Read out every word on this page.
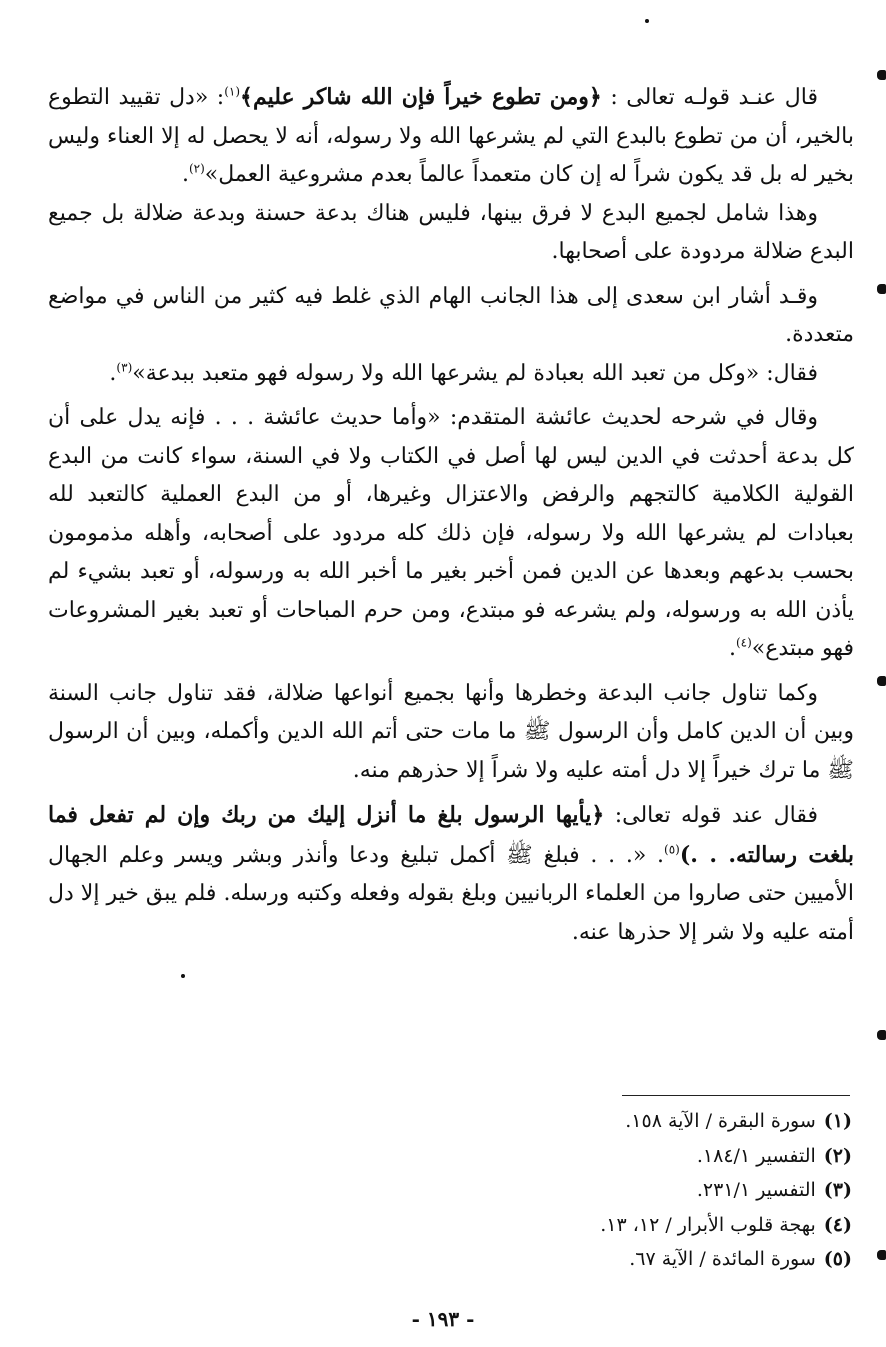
قال عنـد قولـه تعالى : ﴿ومن تطوع خيراً فإن الله شاكر عليم﴾$^{(١)}$: «دل تقييد التطوع بالخير، أن من تطوع بالبدع التي لم يشرعها الله ولا رسوله، أنه لا يحصل له إلا العناء وليس بخير له بل قد يكون شراً له إن كان متعمداً عالماً بعدم مشروعية العمل»$^{(٢)}$.

وهذا شامل لجميع البدع لا فرق بينها، فليس هناك بدعة حسنة وبدعة ضلالة بل جميع البدع ضلالة مردودة على أصحابها.

وقـد أشار ابن سعدى إلى هذا الجانب الهام الذي غلط فيه كثير من الناس في مواضع متعددة.

فقال: «وكل من تعبد الله بعبادة لم يشرعها الله ولا رسوله فهو متعبد ببدعة»$^{(٣)}$.

وقال في شرحه لحديث عائشة المتقدم: «وأما حديث عائشة . . . فإنه يدل على أن كل بدعة أحدثت في الدين ليس لها أصل في الكتاب ولا في السنة، سواء كانت من البدع القولية الكلامية كالتجهم والرفض والاعتزال وغيرها، أو من البدع العملية كالتعبد لله بعبادات لم يشرعها الله ولا رسوله، فإن ذلك كله مردود على أصحابه، وأهله مذمومون بحسب بدعهم وبعدها عن الدين فمن أخبر بغير ما أخبر الله به ورسوله، أو تعبد بشيء لم يأذن الله به ورسوله، ولم يشرعه فو مبتدع، ومن حرم المباحات أو تعبد بغير المشروعات فهو مبتدع»$^{(٤)}$.

وكما تناول جانب البدعة وخطرها وأنها بجميع أنواعها ضلالة، فقد تناول جانب السنة وبين أن الدين كامل وأن الرسول ﷺ ما مات حتى أتم الله الدين وأكمله، وبين أن الرسول ﷺ ما ترك خيراً إلا دل أمته عليه ولا شراً إلا حذرهم منه.

فقال عند قوله تعالى: ﴿يأيها الرسول بلغ ما أنزل إليك من ربك وإن لم تفعل فما بلغت رسالته. . .)$^{(٥)}$. «. . . فبلغ ﷺ أكمل تبليغ ودعا وأنذر وبشر ويسر وعلم الجهال الأميين حتى صاروا من العلماء الربانيين وبلغ بقوله وفعله وكتبه ورسله. فلم يبق خير إلا دل أمته عليه ولا شر إلا حذرها عنه.

(١)سورة البقرة / الآية ١٥٨.

(٢)التفسير ١٨٤/١.

(٣)التفسير ٢٣١/١.

(٤)بهجة قلوب الأبرار / ١٢، ١٣.

(٥)سورة المائدة / الآية ٦٧.

- ١٩٣ -
